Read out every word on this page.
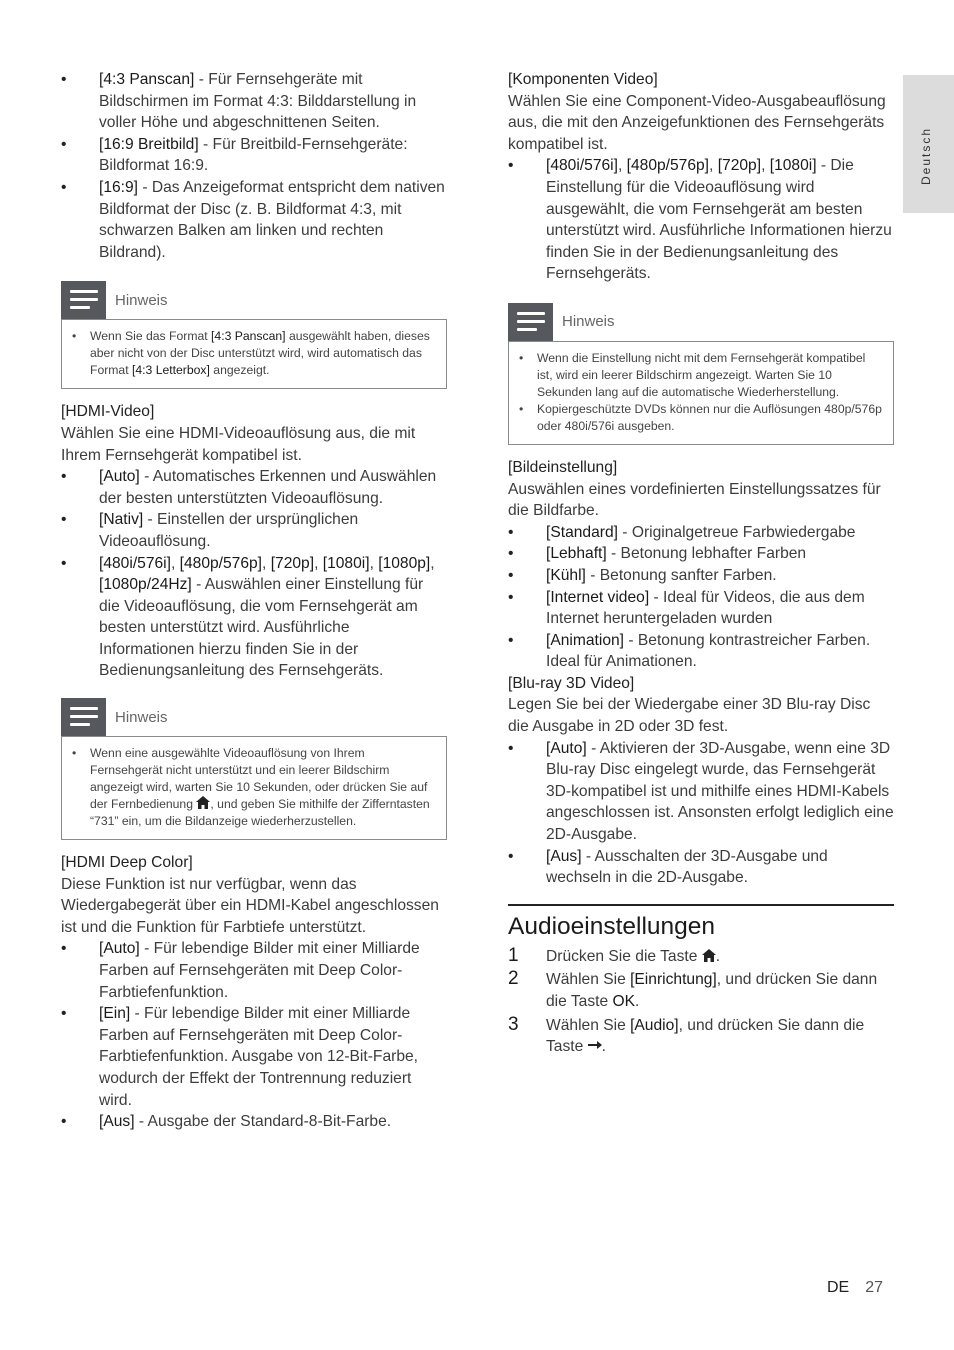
Deutsch
• [4:3 Panscan] - Für Fernsehgeräte mit Bildschirmen im Format 4:3: Bilddarstellung in voller Höhe und abgeschnittenen Seiten.
• [16:9 Breitbild] - Für Breitbild-Fernsehgeräte: Bildformat 16:9.
• [16:9] - Das Anzeigeformat entspricht dem nativen Bildformat der Disc (z. B. Bildformat 4:3, mit schwarzen Balken am linken und rechten Bildrand).
Hinweis
• Wenn Sie das Format [4:3 Panscan] ausgewählt haben, dieses aber nicht von der Disc unterstützt wird, wird automatisch das Format [4:3 Letterbox] angezeigt.
[HDMI-Video]
Wählen Sie eine HDMI-Videoauflösung aus, die mit Ihrem Fernsehgerät kompatibel ist.
• [Auto] - Automatisches Erkennen und Auswählen der besten unterstützten Videoauflösung.
• [Nativ] - Einstellen der ursprünglichen Videoauflösung.
• [480i/576i], [480p/576p], [720p], [1080i], [1080p], [1080p/24Hz] - Auswählen einer Einstellung für die Videoauflösung, die vom Fernsehgerät am besten unterstützt wird. Ausführliche Informationen hierzu finden Sie in der Bedienungsanleitung des Fernsehgeräts.
Hinweis
• Wenn eine ausgewählte Videoauflösung von Ihrem Fernsehgerät nicht unterstützt und ein leerer Bildschirm angezeigt wird, warten Sie 10 Sekunden, oder drücken Sie auf der Fernbedienung , und geben Sie mithilfe der Zifferntasten “731” ein, um die Bildanzeige wiederherzustellen.
[HDMI Deep Color]
Diese Funktion ist nur verfügbar, wenn das Wiedergabegerät über ein HDMI-Kabel angeschlossen ist und die Funktion für Farbtiefe unterstützt.
• [Auto] - Für lebendige Bilder mit einer Milliarde Farben auf Fernsehgeräten mit Deep Color-Farbtiefenfunktion.
• [Ein] - Für lebendige Bilder mit einer Milliarde Farben auf Fernsehgeräten mit Deep Color-Farbtiefenfunktion. Ausgabe von 12-Bit-Farbe, wodurch der Effekt der Tontrennung reduziert wird.
• [Aus] - Ausgabe der Standard-8-Bit-Farbe.
[Komponenten Video]
Wählen Sie eine Component-Video-Ausgabeauflösung aus, die mit den Anzeigefunktionen des Fernsehgeräts kompatibel ist.
• [480i/576i], [480p/576p], [720p], [1080i] - Die Einstellung für die Videoauflösung wird ausgewählt, die vom Fernsehgerät am besten unterstützt wird. Ausführliche Informationen hierzu finden Sie in der Bedienungsanleitung des Fernsehgeräts.
Hinweis
• Wenn die Einstellung nicht mit dem Fernsehgerät kompatibel ist, wird ein leerer Bildschirm angezeigt. Warten Sie 10 Sekunden lang auf die automatische Wiederherstellung.
• Kopiergeschützte DVDs können nur die Auflösungen 480p/576p oder 480i/576i ausgeben.
[Bildeinstellung]
Auswählen eines vordefinierten Einstellungssatzes für die Bildfarbe.
• [Standard] - Originalgetreue Farbwiedergabe
• [Lebhaft] - Betonung lebhafter Farben
• [Kühl] - Betonung sanfter Farben.
• [Internet video] - Ideal für Videos, die aus dem Internet heruntergeladen wurden
• [Animation] - Betonung kontrastreicher Farben. Ideal für Animationen.
[Blu-ray 3D Video]
Legen Sie bei der Wiedergabe einer 3D Blu-ray Disc die Ausgabe in 2D oder 3D fest.
• [Auto] - Aktivieren der 3D-Ausgabe, wenn eine 3D Blu-ray Disc eingelegt wurde, das Fernsehgerät 3D-kompatibel ist und mithilfe eines HDMI-Kabels angeschlossen ist. Ansonsten erfolgt lediglich eine 2D-Ausgabe.
• [Aus] - Ausschalten der 3D-Ausgabe und wechseln in die 2D-Ausgabe.
Audioeinstellungen
1 Drücken Sie die Taste .
2 Wählen Sie [Einrichtung], und drücken Sie dann die Taste OK.
3 Wählen Sie [Audio], und drücken Sie dann die Taste .
DE 27
